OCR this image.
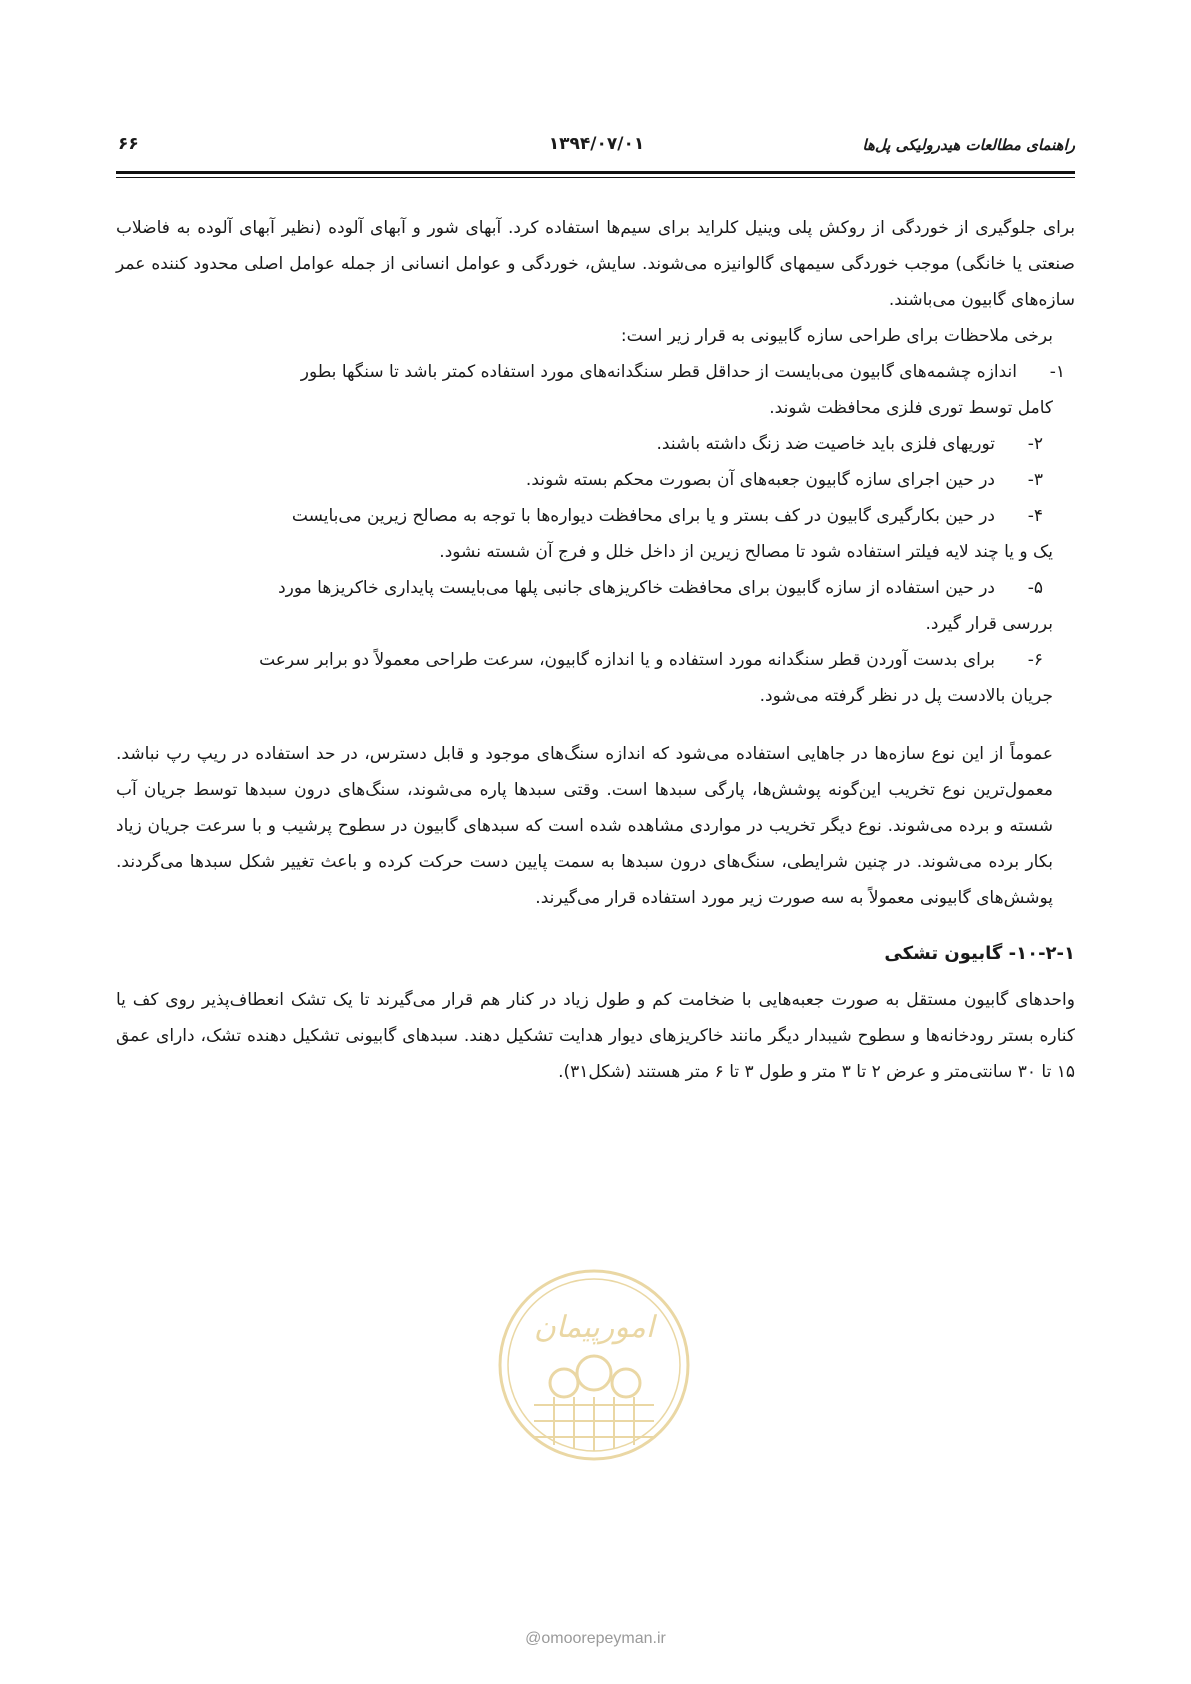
راهنمای مطالعات هیدرولیکی پل‌ها
۱۳۹۴/۰۷/۰۱
۶۶

برای جلوگیری از خوردگی از روکش پلی وینیل کلراید برای سیم‌ها استفاده کرد. آبهای شور و آبهای آلوده (نظیر آبهای آلوده به فاضلاب صنعتی یا خانگی) موجب خوردگی سیمهای گالوانیزه می‌شوند. سایش، خوردگی و عوامل انسانی از جمله عوامل اصلی محدود کننده عمر سازه‌های گابیون می‌باشند.

برخی ملاحظات برای طراحی سازه گابیونی به قرار زیر است:

۱-اندازه چشمه‌های گابیون می‌بایست از حداقل قطر سنگدانه‌های مورد استفاده کمتر باشد تا سنگها بطور
کامل توسط توری فلزی محافظت شوند.
۲-توریهای فلزی باید خاصیت ضد زنگ داشته باشند.
۳-در حین اجرای سازه گابیون جعبه‌های آن بصورت محکم بسته شوند.
۴-در حین بکارگیری گابیون در کف بستر و یا برای محافظت دیواره‌ها با توجه به مصالح زیرین می‌بایست
یک و یا چند لایه فیلتر استفاده شود تا مصالح زیرین از داخل خلل و فرج آن شسته نشود.
۵-در حین استفاده از سازه گابیون برای محافظت خاکریزهای جانبی پلها می‌بایست پایداری خاکریزها مورد
بررسی قرار گیرد.
۶-برای بدست آوردن قطر سنگدانه مورد استفاده و یا اندازه گابیون، سرعت طراحی معمولاً دو برابر سرعت
جریان بالادست پل در نظر گرفته می‌شود.

عموماً از این نوع سازه‌ها در جاهایی استفاده می‌شود که اندازه سنگ‌های موجود و قابل دسترس، در حد استفاده در ریپ رپ نباشد. معمول‌ترین نوع تخریب این‌گونه پوشش‌ها، پارگی سبدها است. وقتی سبدها پاره می‌شوند، سنگ‌های درون سبدها توسط جریان آب شسته و برده می‌شوند. نوع دیگر تخریب در مواردی مشاهده شده است که سبدهای گابیون در سطوح پرشیب و با سرعت جریان زیاد بکار برده می‌شوند. در چنین شرایطی، سنگ‌های درون سبدها به سمت پایین دست حرکت کرده و باعث تغییر شکل سبدها می‌گردند. پوشش‌های گابیونی معمولاً به سه صورت زیر مورد استفاده قرار می‌گیرند.

۱۰-۲-۱- گابیون تشکی

واحدهای گابیون مستقل به صورت جعبه‌هایی با ضخامت کم و طول زیاد در کنار هم قرار می‌گیرند تا یک تشک انعطاف‌پذیر روی کف یا کناره بستر رودخانه‌ها و سطوح شیبدار دیگر مانند خاکریزهای دیوار هدایت تشکیل دهند. سبدهای گابیونی تشکیل دهنده تشک، دارای عمق ۱۵ تا ۳۰ سانتی‌متر و عرض ۲ تا ۳ متر و طول ۳ تا ۶ متر هستند (شکل۳۱).

امورپیمان
@omoorepeyman.ir
